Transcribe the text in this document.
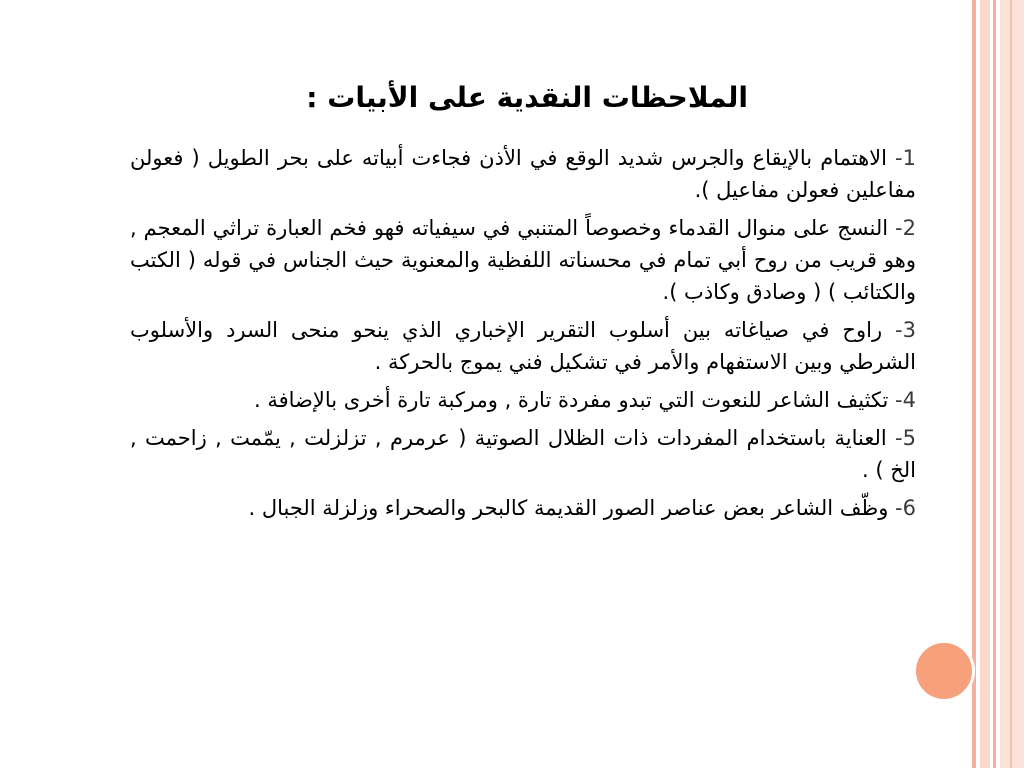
الملاحظات النقدية على الأبيات :

1- الاهتمام بالإيقاع والجرس شديد الوقع في الأذن فجاءت أبياته على بحر الطويل ( فعولن مفاعلين فعولن مفاعيل ).

2- النسج على منوال القدماء وخصوصاً المتنبي في سيفياته فهو فخم العبارة تراثي المعجم , وهو قريب من روح أبي تمام في محسناته اللفظية والمعنوية حيث الجناس في قوله ( الكتب والكتائب ) ( وصادق وكاذب ).

3- راوح في صياغاته بين أسلوب التقرير الإخباري الذي ينحو منحى السرد والأسلوب الشرطي وبين الاستفهام والأمر في تشكيل فني يموج بالحركة .

4- تكثيف الشاعر للنعوت التي تبدو مفردة تارة , ومركبة تارة أخرى بالإضافة .

5- العناية باستخدام المفردات ذات الظلال الصوتية ( عرمرم , تزلزلت , يمّمت , زاحمت , الخ ) .

6- وظّف الشاعر بعض عناصر الصور القديمة كالبحر والصحراء وزلزلة الجبال .
